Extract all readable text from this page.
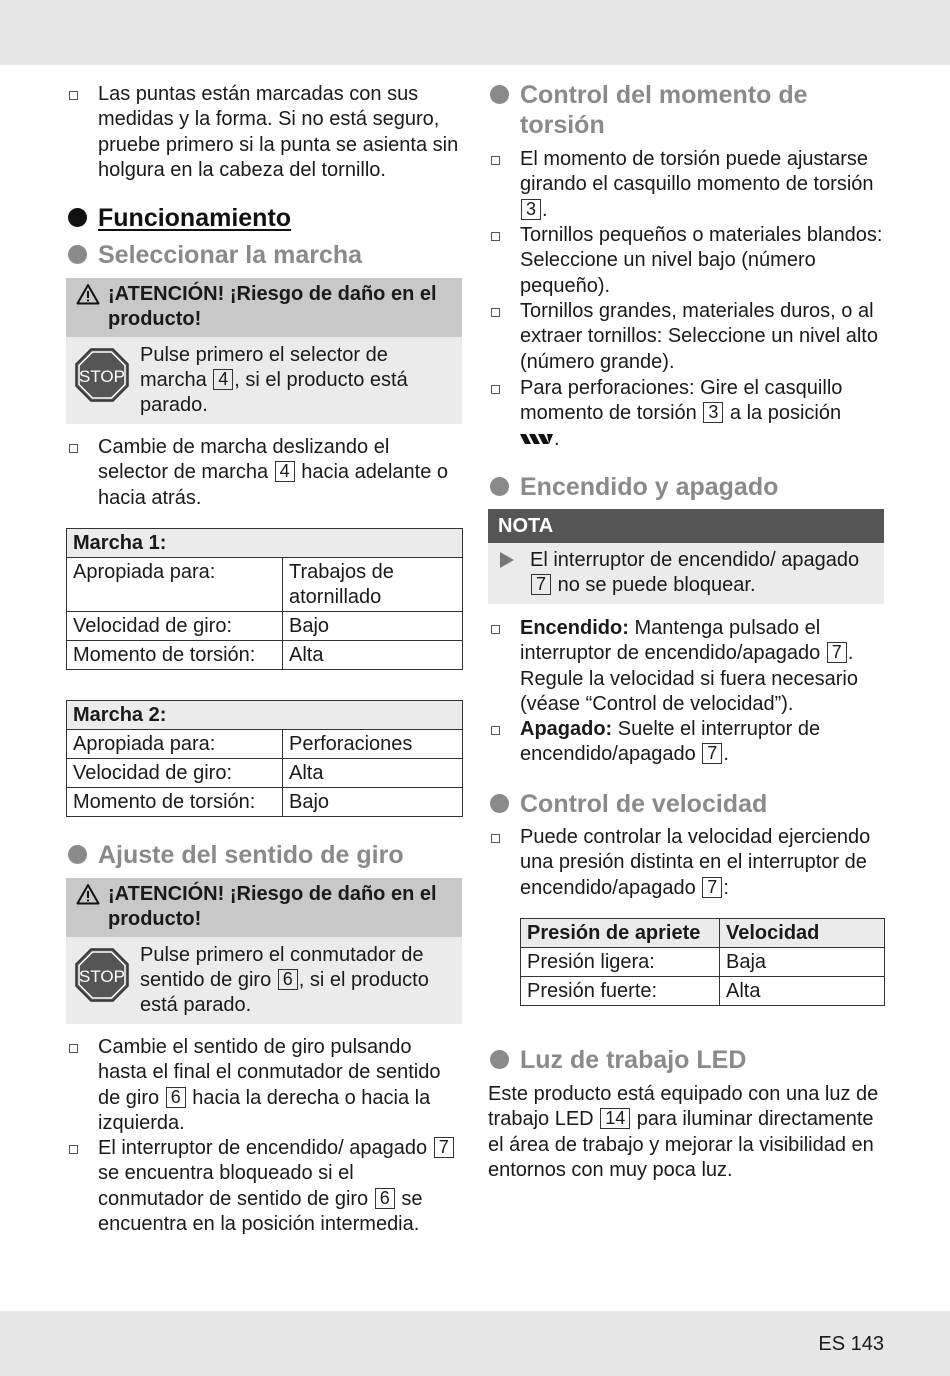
Las puntas están marcadas con sus medidas y la forma. Si no está seguro, pruebe primero si la punta se asienta sin holgura en la cabeza del tornillo.
Funcionamiento
Seleccionar la marcha
¡ATENCIÓN! ¡Riesgo de daño en el producto!
STOP
Pulse primero el selector de marcha 4 , si el producto está parado.
Cambie de marcha deslizando el selector de marcha 4 hacia adelante o hacia atrás.
Marcha 1:	
Apropiada para:	Trabajos de atornillado
Velocidad de giro:	Bajo
Momento de torsión:	Alta
Marcha 2:	
Apropiada para:	Perforaciones
Velocidad de giro:	Alta
Momento de torsión:	Bajo
Ajuste del sentido de giro
¡ATENCIÓN! ¡Riesgo de daño en el producto!
STOP
Pulse primero el conmutador de sentido de giro 6 , si el producto está parado.
Cambie el sentido de giro pulsando hasta el final el conmutador de sentido de giro 6 hacia la derecha o hacia la izquierda.
El interruptor de encendido/ apagado 7 se encuentra bloqueado si el conmutador de sentido de giro 6 se encuentra en la posición intermedia.
Control del momento de torsión
El momento de torsión puede ajustarse girando el casquillo momento de torsión 3 .
Tornillos pequeños o materiales blandos: Seleccione un nivel bajo (número pequeño).
Tornillos grandes, materiales duros, o al extraer tornillos: Seleccione un nivel alto (número grande).
Para perforaciones: Gire el casquillo momento de torsión 3 a la posición
.
Encendido y apagado
NOTA
El interruptor de encendido/ apagado 7 no se puede bloquear.
Encendido: Mantenga pulsado el interruptor de encendido/apagado 7 . Regule la velocidad si fuera necesario (véase “Control de velocidad”).
Apagado: Suelte el interruptor de encendido/apagado 7 .
Control de velocidad
Puede controlar la velocidad ejerciendo una presión distinta en el interruptor de encendido/apagado 7 :
Presión de apriete	Velocidad
Presión ligera:	Baja
Presión fuerte:	Alta
Luz de trabajo LED
Este producto está equipado con una luz de trabajo LED 14 para iluminar directamente el área de trabajo y mejorar la visibilidad en entornos con muy poca luz.
ES 143
